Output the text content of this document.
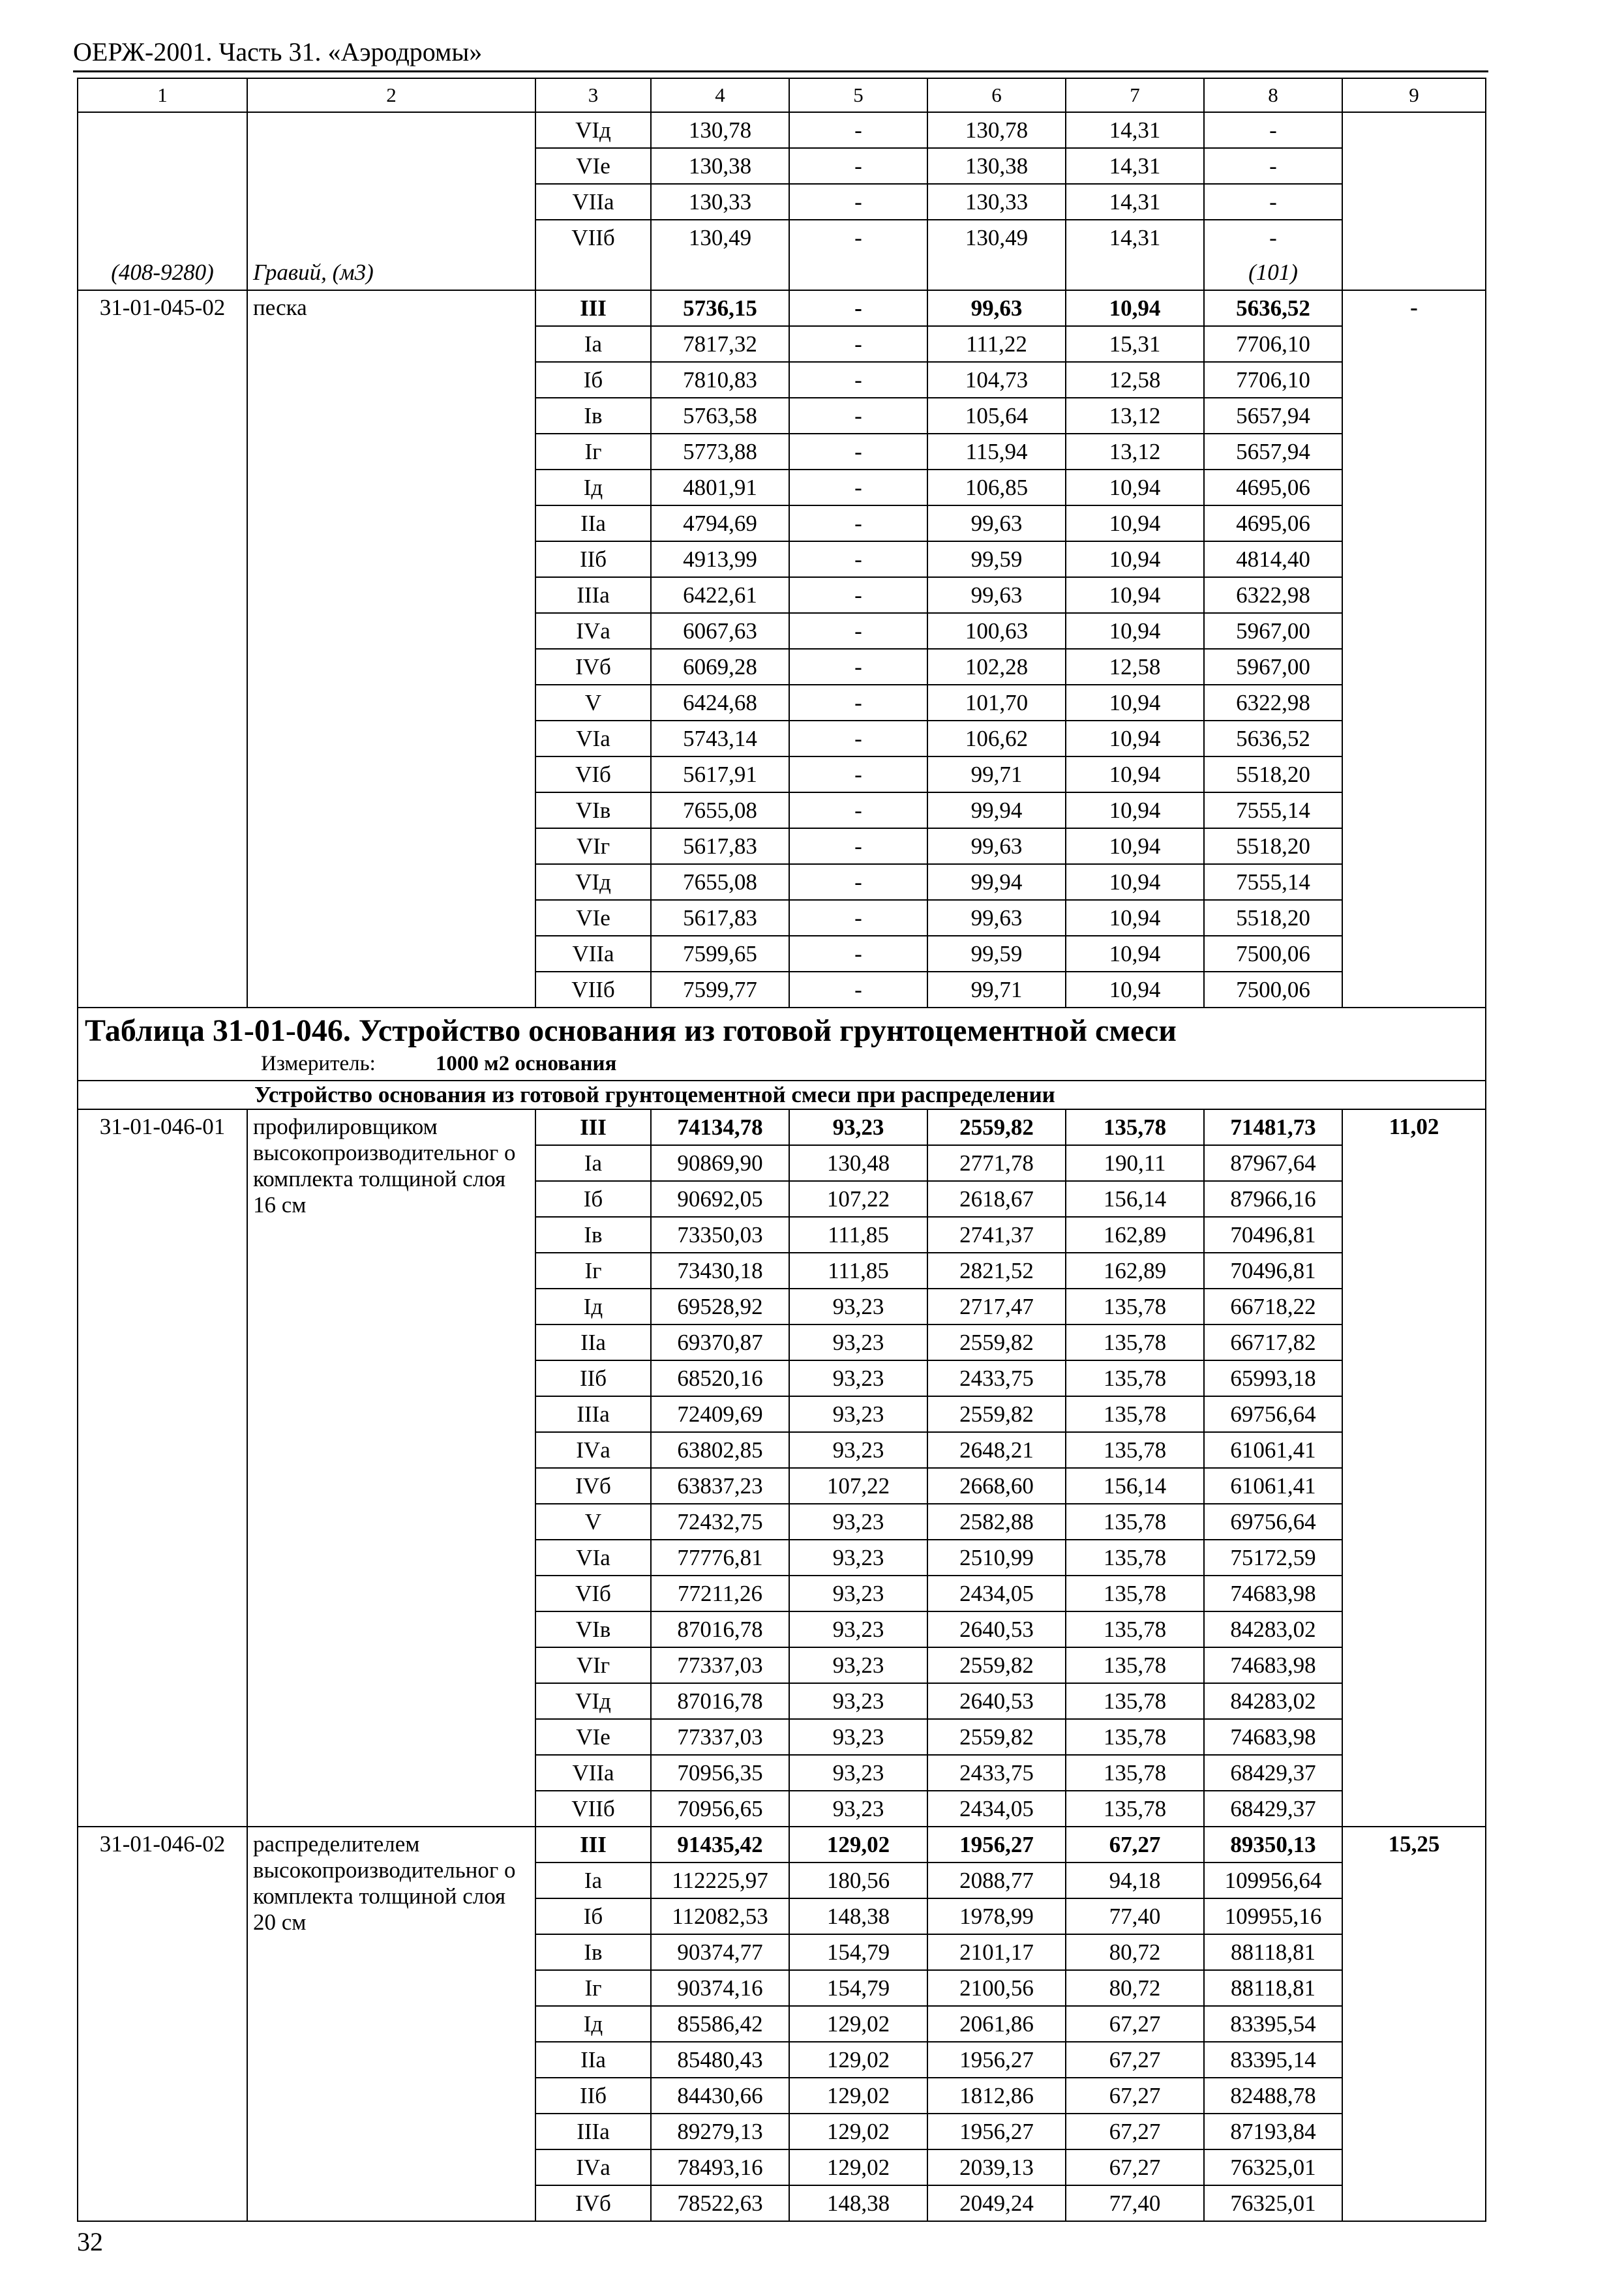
ОЕРЖ-2001. Часть 31. «Аэродромы»
1	2	3	4	5	6	7	8	9
		VIд	130,78	-	130,78	14,31	-	
		VIе	130,38	-	130,38	14,31	-	
		VIIа	130,33	-	130,33	14,31	-	
		VIIб	130,49	-	130,49	14,31	-	
(408-9280)	Гравий, (м3)						(101)	
31-01-045-02	песка	III	5736,15	-	99,63	10,94	5636,52	-
		Iа	7817,32	-	111,22	15,31	7706,10	
		Iб	7810,83	-	104,73	12,58	7706,10	
		Iв	5763,58	-	105,64	13,12	5657,94	
		Iг	5773,88	-	115,94	13,12	5657,94	
		Iд	4801,91	-	106,85	10,94	4695,06	
		IIа	4794,69	-	99,63	10,94	4695,06	
		IIб	4913,99	-	99,59	10,94	4814,40	
		IIIа	6422,61	-	99,63	10,94	6322,98	
		IVа	6067,63	-	100,63	10,94	5967,00	
		IVб	6069,28	-	102,28	12,58	5967,00	
		V	6424,68	-	101,70	10,94	6322,98	
		VIа	5743,14	-	106,62	10,94	5636,52	
		VIб	5617,91	-	99,71	10,94	5518,20	
		VIв	7655,08	-	99,94	10,94	7555,14	
		VIг	5617,83	-	99,63	10,94	5518,20	
		VIд	7655,08	-	99,94	10,94	7555,14	
		VIе	5617,83	-	99,63	10,94	5518,20	
		VIIа	7599,65	-	99,59	10,94	7500,06	
		VIIб	7599,77	-	99,71	10,94	7500,06	

Таблица 31-01-046. Устройство основания из готовой грунтоцементной смеси
Измеритель: 1000 м2 основания								

Устройство основания из готовой грунтоцементной смеси при распределении								
31-01-046-01	профилировщиком высокопроизводительног о комплекта толщиной слоя 16 см	III	74134,78	93,23	2559,82	135,78	71481,73	11,02
		Iа	90869,90	130,48	2771,78	190,11	87967,64	
		Iб	90692,05	107,22	2618,67	156,14	87966,16	
		Iв	73350,03	111,85	2741,37	162,89	70496,81	
		Iг	73430,18	111,85	2821,52	162,89	70496,81	
		Iд	69528,92	93,23	2717,47	135,78	66718,22	
		IIа	69370,87	93,23	2559,82	135,78	66717,82	
		IIб	68520,16	93,23	2433,75	135,78	65993,18	
		IIIа	72409,69	93,23	2559,82	135,78	69756,64	
		IVа	63802,85	93,23	2648,21	135,78	61061,41	
		IVб	63837,23	107,22	2668,60	156,14	61061,41	
		V	72432,75	93,23	2582,88	135,78	69756,64	
		VIа	77776,81	93,23	2510,99	135,78	75172,59	
		VIб	77211,26	93,23	2434,05	135,78	74683,98	
		VIв	87016,78	93,23	2640,53	135,78	84283,02	
		VIг	77337,03	93,23	2559,82	135,78	74683,98	
		VIд	87016,78	93,23	2640,53	135,78	84283,02	
		VIе	77337,03	93,23	2559,82	135,78	74683,98	
		VIIа	70956,35	93,23	2433,75	135,78	68429,37	
		VIIб	70956,65	93,23	2434,05	135,78	68429,37	
31-01-046-02	распределителем высокопроизводительног о комплекта толщиной слоя 20 см	III	91435,42	129,02	1956,27	67,27	89350,13	15,25
		Iа	112225,97	180,56	2088,77	94,18	109956,64	
		Iб	112082,53	148,38	1978,99	77,40	109955,16	
		Iв	90374,77	154,79	2101,17	80,72	88118,81	
		Iг	90374,16	154,79	2100,56	80,72	88118,81	
		Iд	85586,42	129,02	2061,86	67,27	83395,54	
		IIа	85480,43	129,02	1956,27	67,27	83395,14	
		IIб	84430,66	129,02	1812,86	67,27	82488,78	
		IIIа	89279,13	129,02	1956,27	67,27	87193,84	
		IVа	78493,16	129,02	2039,13	67,27	76325,01	
		IVб	78522,63	148,38	2049,24	77,40	76325,01	
32
